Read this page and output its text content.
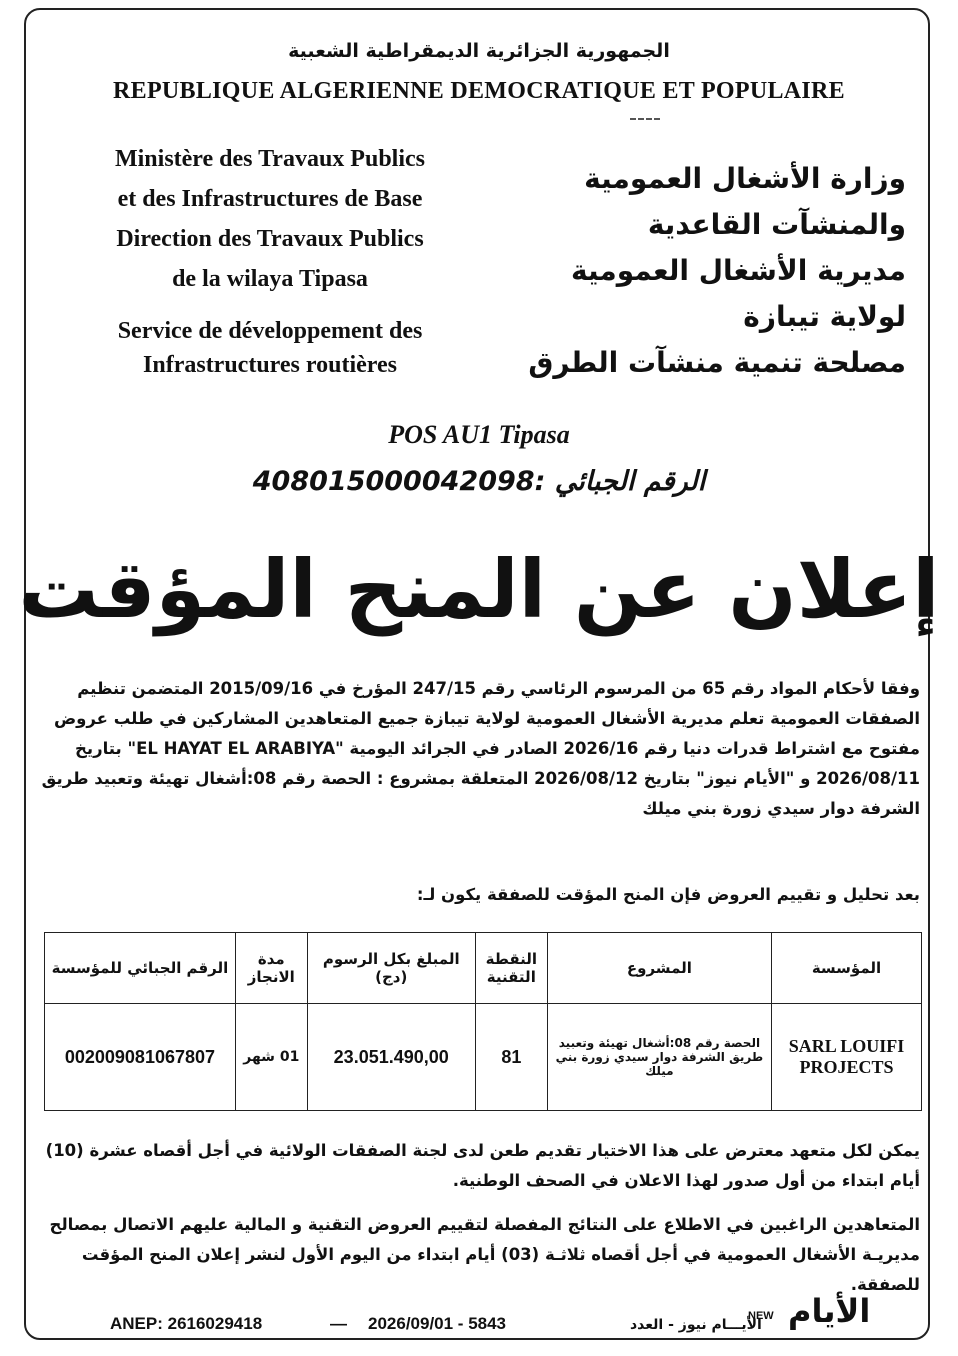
الجمهورية الجزائرية الديمقراطية الشعبية
REPUBLIQUE ALGERIENNE DEMOCRATIQUE ET POPULAIRE
Ministère des Travaux Publics
et des Infrastructures de Base
Direction des Travaux Publics
de la wilaya Tipasa
Service de développement des
Infrastructures routières
وزارة الأشغال العمومية
والمنشآت القاعدية
مديرية الأشغال العمومية
لولاية تيبازة
مصلحة تنمية منشآت الطرق
POS AU1 Tipasa
الرقم الجبائي :408015000042098
إعلان عن المنح المؤقت
وفقا لأحكام المواد رقم 65 من المرسوم الرئاسي رقم 247/15 المؤرخ في 2015/09/16 المتضمن تنظيم الصفقات العمومية تعلم مديرية الأشغال العمومية لولاية تيبازة جميع المتعاهدين المشاركين في طلب عروض مفتوح مع اشتراط قدرات دنيا رقم 2026/16 الصادر في الجرائد اليومية "EL HAYAT EL ARABIYA" بتاريخ 2026/08/11 و "الأيام نيوز" بتاريخ 2026/08/12 المتعلقة بمشروع : الحصة رقم 08:أشغال تهيئة وتعبيد طريق الشرفة دوار سيدي زورة بني ميلك
بعد تحليل و تقييم العروض فإن المنح المؤقت للصفقة يكون لـ:
المؤسسة	المشروع	النقطة التقنية	المبلغ بكل الرسوم (دج)	مدة الانجاز	الرقم الجبائي للمؤسسة
SARL LOUIFI PROJECTS	الحصة رقم 08:أشغال تهيئة وتعبيد طريق الشرفة دوار سيدي زورة بني ميلك	81	23.051.490,00	01 شهر	002009081067807
يمكن لكل متعهد معترض على هذا الاختيار تقديم طعن لدى لجنة الصفقات الولائية في أجل أقصاه عشرة (10) أيام ابتداء من أول صدور لهذا الاعلان في الصحف الوطنية.
المتعاهدين الراغبين في الاطلاع على النتائج المفصلة لتقييم العروض التقنية و المالية عليهم الاتصال بمصالح مديريـة الأشغال العمومية في أجل أقصاه ثلاثـة (03) أيام ابتداء من اليوم الأول لنشر إعلان المنح المؤقت للصفقة.
ANEP: 2616029418	— 2026/09/01 - 5843	الأيـــام نيوز - العدد
NEW الأيام
